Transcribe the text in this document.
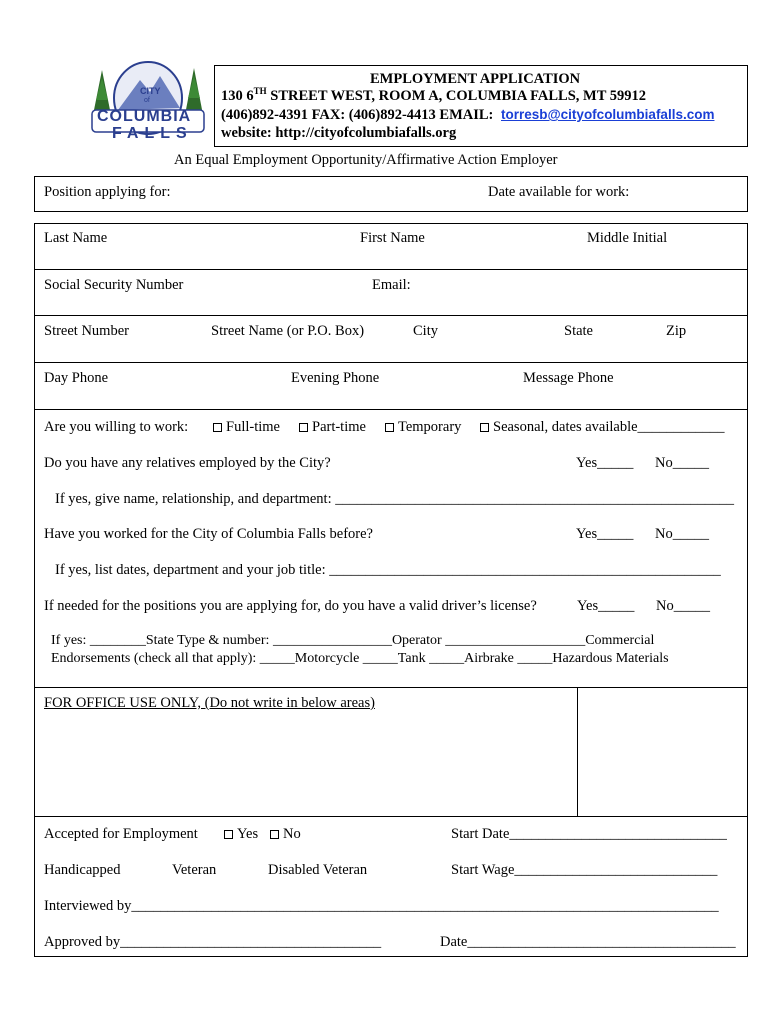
CITY
of
COLUMBIA
FALLS
EMPLOYMENT APPLICATION
130 6TH STREET WEST, ROOM A, COLUMBIA FALLS, MT 59912
(406)892-4391 FAX: (406)892-4413 EMAIL: torresb@cityofcolumbiafalls.com
website: http://cityofcolumbiafalls.org
An Equal Employment Opportunity/Affirmative Action Employer
Position applying for:	Date available for work:
Last Name	First Name	Middle Initial
Social Security Number	Email:
Street Number	Street Name (or P.O. Box)	City	State	Zip
Day Phone	Evening Phone	Message Phone
Are you willing to work:	Full-time	Part-time	Temporary	Seasonal, dates available____________
Do you have any relatives employed by the City?	Yes_____ No_____
If yes, give name, relationship, and department: _______________________________________________________
Have you worked for the City of Columbia Falls before?	Yes_____ No_____
If yes, list dates, department and your job title: ______________________________________________________
If needed for the positions you are applying for, do you have a valid driver’s license?	Yes_____ No_____
If yes: ________State Type & number: _________________Operator ____________________Commercial
Endorsements (check all that apply): _____Motorcycle _____Tank _____Airbrake _____Hazardous Materials
FOR OFFICE USE ONLY, (Do not write in below areas)
Accepted for Employment	Yes	No	Start Date______________________________
Handicapped	Veteran	Disabled Veteran	Start Wage____________________________
Interviewed by_________________________________________________________________________________
Approved by____________________________________	Date_____________________________________
